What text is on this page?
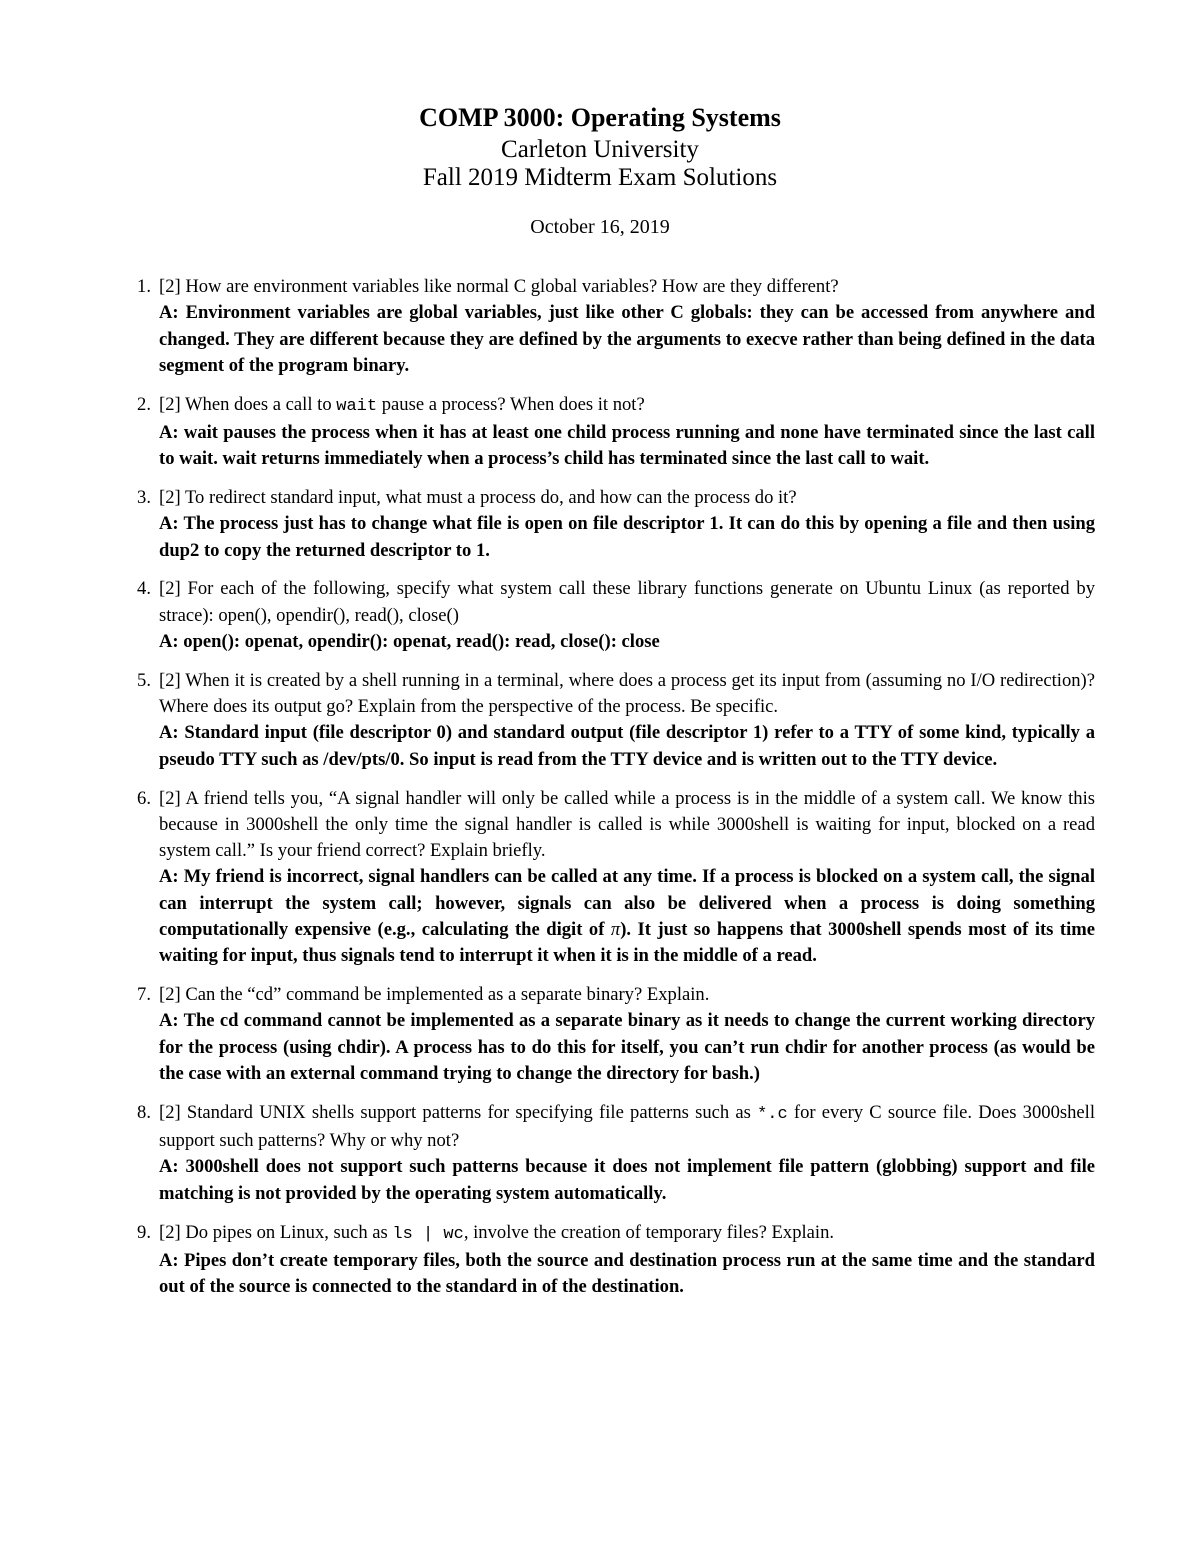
COMP 3000: Operating Systems
Carleton University
Fall 2019 Midterm Exam Solutions
October 16, 2019
1. [2] How are environment variables like normal C global variables? How are they different?
A: Environment variables are global variables, just like other C globals: they can be accessed from anywhere and changed. They are different because they are defined by the arguments to execve rather than being defined in the data segment of the program binary.
2. [2] When does a call to wait pause a process? When does it not?
A: wait pauses the process when it has at least one child process running and none have terminated since the last call to wait. wait returns immediately when a process’s child has terminated since the last call to wait.
3. [2] To redirect standard input, what must a process do, and how can the process do it?
A: The process just has to change what file is open on file descriptor 1. It can do this by opening a file and then using dup2 to copy the returned descriptor to 1.
4. [2] For each of the following, specify what system call these library functions generate on Ubuntu Linux (as reported by strace): open(), opendir(), read(), close()
A: open(): openat, opendir(): openat, read(): read, close(): close
5. [2] When it is created by a shell running in a terminal, where does a process get its input from (assuming no I/O redirection)? Where does its output go? Explain from the perspective of the process. Be specific.
A: Standard input (file descriptor 0) and standard output (file descriptor 1) refer to a TTY of some kind, typically a pseudo TTY such as /dev/pts/0. So input is read from the TTY device and is written out to the TTY device.
6. [2] A friend tells you, “A signal handler will only be called while a process is in the middle of a system call. We know this because in 3000shell the only time the signal handler is called is while 3000shell is waiting for input, blocked on a read system call.” Is your friend correct? Explain briefly.
A: My friend is incorrect, signal handlers can be called at any time. If a process is blocked on a system call, the signal can interrupt the system call; however, signals can also be delivered when a process is doing something computationally expensive (e.g., calculating the digit of π). It just so happens that 3000shell spends most of its time waiting for input, thus signals tend to interrupt it when it is in the middle of a read.
7. [2] Can the “cd” command be implemented as a separate binary? Explain.
A: The cd command cannot be implemented as a separate binary as it needs to change the current working directory for the process (using chdir). A process has to do this for itself, you can’t run chdir for another process (as would be the case with an external command trying to change the directory for bash.)
8. [2] Standard UNIX shells support patterns for specifying file patterns such as *.c for every C source file. Does 3000shell support such patterns? Why or why not?
A: 3000shell does not support such patterns because it does not implement file pattern (globbing) support and file matching is not provided by the operating system automatically.
9. [2] Do pipes on Linux, such as ls | wc, involve the creation of temporary files? Explain.
A: Pipes don’t create temporary files, both the source and destination process run at the same time and the standard out of the source is connected to the standard in of the destination.
